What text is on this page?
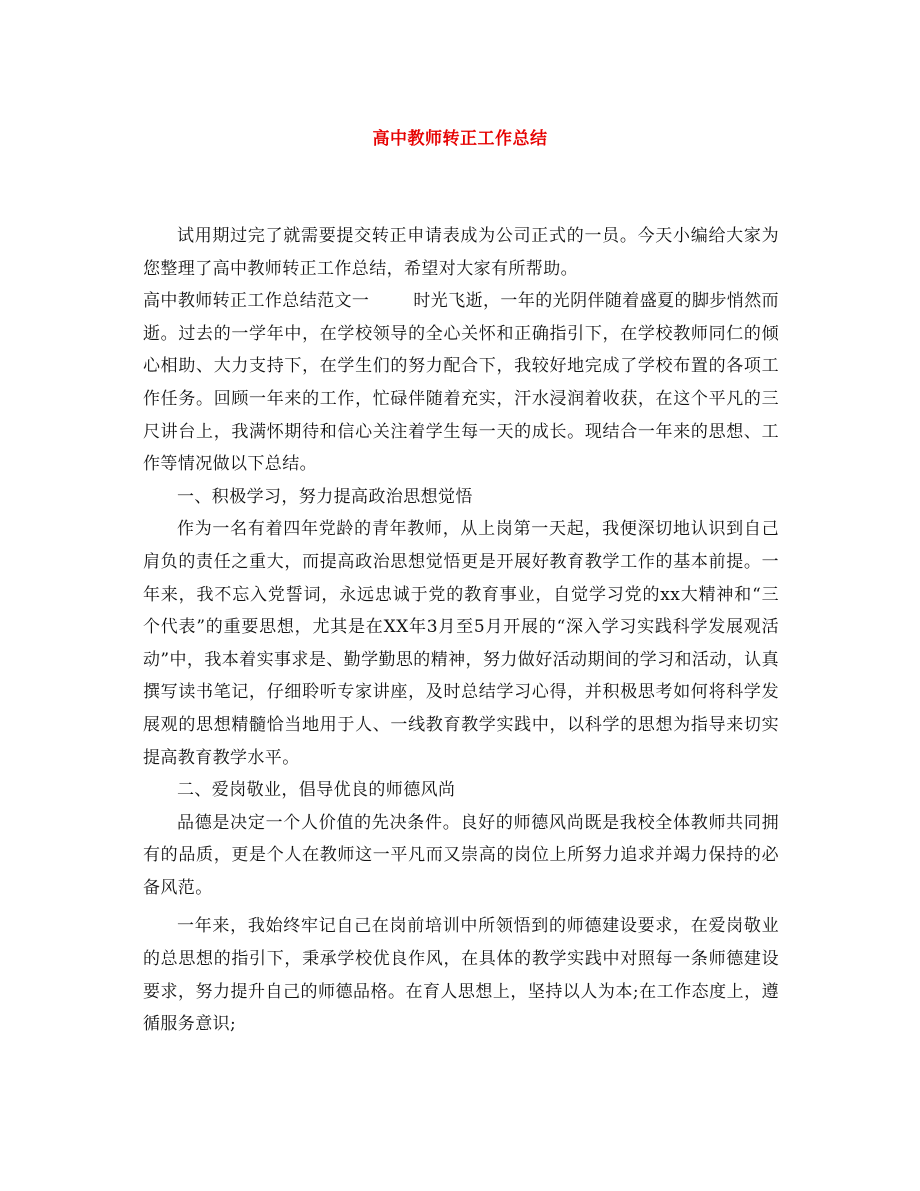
高中教师转正工作总结

试用期过完了就需要提交转正申请表成为公司正式的一员。今天小编给大家为您整理了高中教师转正工作总结，希望对大家有所帮助。

高中教师转正工作总结范文一	时光飞逝，一年的光阴伴随着盛夏的脚步悄然而逝。过去的一学年中，在学校领导的全心关怀和正确指引下，在学校教师同仁的倾心相助、大力支持下，在学生们的努力配合下，我较好地完成了学校布置的各项工作任务。回顾一年来的工作，忙碌伴随着充实，汗水浸润着收获，在这个平凡的三尺讲台上，我满怀期待和信心关注着学生每一天的成长。现结合一年来的思想、工作等情况做以下总结。

一、积极学习，努力提高政治思想觉悟

作为一名有着四年党龄的青年教师，从上岗第一天起，我便深切地认识到自己肩负的责任之重大，而提高政治思想觉悟更是开展好教育教学工作的基本前提。一年来，我不忘入党誓词，永远忠诚于党的教育事业，自觉学习党的xx大精神和“三个代表”的重要思想，尤其是在XX年3月至5月开展的“深入学习实践科学发展观活动”中，我本着实事求是、勤学勤思的精神，努力做好活动期间的学习和活动，认真撰写读书笔记，仔细聆听专家讲座，及时总结学习心得，并积极思考如何将科学发展观的思想精髓恰当地用于人、一线教育教学实践中，以科学的思想为指导来切实提高教育教学水平。

二、爱岗敬业，倡导优良的师德风尚

品德是决定一个人价值的先决条件。良好的师德风尚既是我校全体教师共同拥有的品质，更是个人在教师这一平凡而又崇高的岗位上所努力追求并竭力保持的必备风范。

一年来，我始终牢记自己在岗前培训中所领悟到的师德建设要求，在爱岗敬业的总思想的指引下，秉承学校优良作风，在具体的教学实践中对照每一条师德建设要求，努力提升自己的师德品格。在育人思想上，坚持以人为本;在工作态度上，遵循服务意识;
